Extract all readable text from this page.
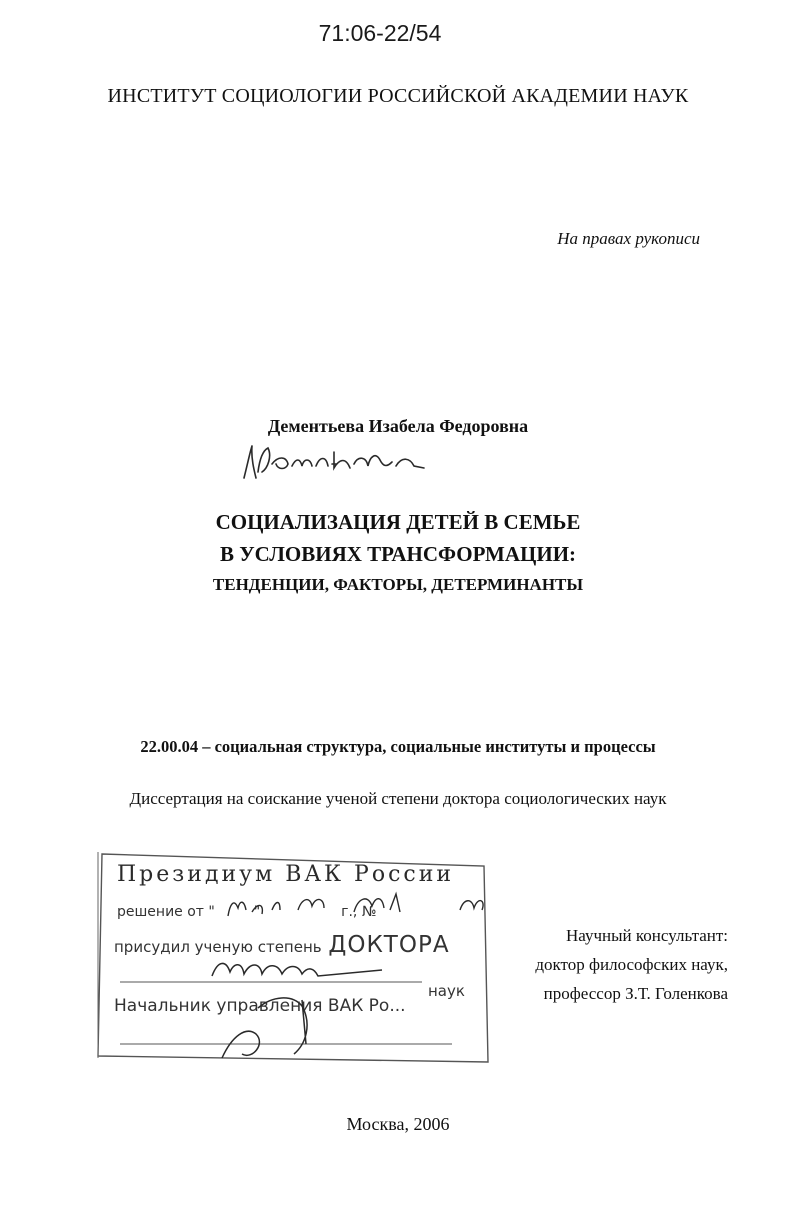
71:06-22/54
ИНСТИТУТ СОЦИОЛОГИИ РОССИЙСКОЙ АКАДЕМИИ НАУК
На правах рукописи
Дементьева Изабела Федоровна
СОЦИАЛИЗАЦИЯ ДЕТЕЙ В СЕМЬЕ
В УСЛОВИЯХ ТРАНСФОРМАЦИИ:
ТЕНДЕНЦИИ, ФАКТОРЫ, ДЕТЕРМИНАНТЫ
22.00.04 – социальная структура, социальные институты и процессы
Диссертация на соискание ученой степени доктора социологических наук
Президиум ВАК России
решение от "	"	г., №
присудил ученую степень ДОКТОРА
наук
Начальник управления ВАК Ро...
Научный консультант:
доктор философских наук,
профессор З.Т. Голенкова
Москва, 2006
